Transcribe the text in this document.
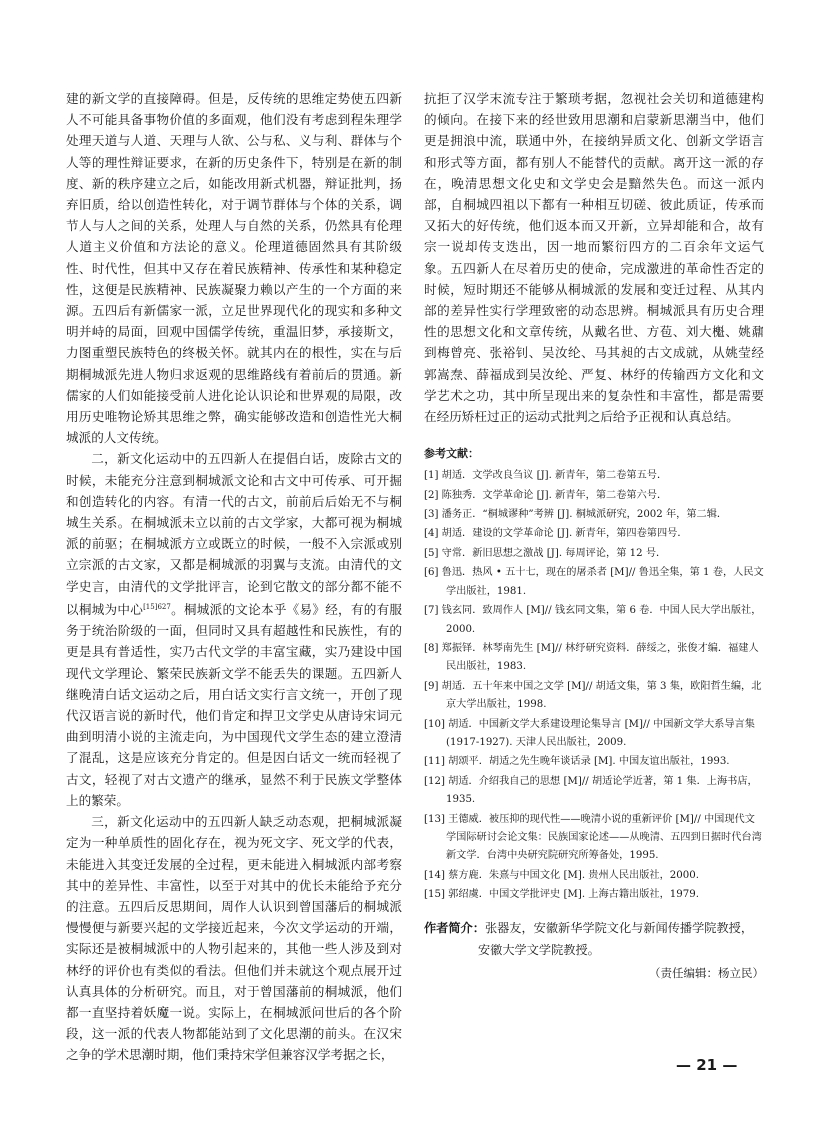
建的新文学的直接障碍。但是，反传统的思维定势使五四新人不可能具备事物价值的多面观，他们没有考虑到程朱理学处理天道与人道、天理与人欲、公与私、义与利、群体与个人等的理性辩证要求，在新的历史条件下，特别是在新的制度、新的秩序建立之后，如能改用新式机器，辩证批判，扬弃旧质，给以创造性转化，对于调节群体与个体的关系，调节人与人之间的关系，处理人与自然的关系，仍然具有伦理人道主义价值和方法论的意义。伦理道德固然具有其阶级性、时代性，但其中又存在着民族精神、传承性和某种稳定性，这便是民族精神、民族凝聚力赖以产生的一个方面的来源。五四后有新儒家一派，立足世界现代化的现实和多种文明并峙的局面，回观中国儒学传统，重温旧梦，承接斯文，力图重塑民族特色的终极关怀。就其内在的根性，实在与后期桐城派先进人物归求返观的思维路线有着前后的贯通。新儒家的人们如能接受前人进化论认识论和世界观的局限，改用历史唯物论矫其思维之弊，确实能够改造和创造性光大桐城派的人文传统。

二，新文化运动中的五四新人在提倡白话，废除古文的时候，未能充分注意到桐城派文论和古文中可传承、可开掘和创造转化的内容。有清一代的古文，前前后后始无不与桐城生关系。在桐城派未立以前的古文学家，大都可视为桐城派的前驱；在桐城派方立或既立的时候，一般不入宗派或别立宗派的古文家，又都是桐城派的羽翼与支流。由清代的文学史言，由清代的文学批评言，论到它散文的部分都不能不以桐城为中心$^{[15]627}$。桐城派的文论本乎《易》经，有的有服务于统治阶级的一面，但同时又具有超越性和民族性，有的更是具有普适性，实乃古代文学的丰富宝藏，实乃建设中国现代文学理论、繁荣民族新文学不能丢失的课题。五四新人继晚清白话文运动之后，用白话文实行言文统一，开创了现代汉语言说的新时代，他们肯定和捍卫文学史从唐诗宋词元曲到明清小说的主流走向，为中国现代文学生态的建立澄清了混乱，这是应该充分肯定的。但是因白话文一统而轻视了古文，轻视了对古文遗产的继承，显然不利于民族文学整体上的繁荣。

三，新文化运动中的五四新人缺乏动态观，把桐城派凝定为一种单质性的固化存在，视为死文字、死文学的代表，未能进入其变迁发展的全过程，更未能进入桐城派内部考察其中的差异性、丰富性，以至于对其中的优长未能给予充分的注意。五四后反思期间，周作人认识到曾国藩后的桐城派慢慢便与新要兴起的文学接近起来，今次文学运动的开端，实际还是被桐城派中的人物引起来的，其他一些人涉及到对林纾的评价也有类似的看法。但他们并未就这个观点展开过认真具体的分析研究。而且，对于曾国藩前的桐城派，他们都一直坚持着妖魔一说。实际上，在桐城派问世后的各个阶段，这一派的代表人物都能站到了文化思潮的前头。在汉宋之争的学术思潮时期，他们秉持宋学但兼容汉学考据之长，

抗拒了汉学末流专注于繁琐考据，忽视社会关切和道德建构的倾向。在接下来的经世致用思潮和启蒙新思潮当中，他们更是拥浪中流，联通中外，在接纳异质文化、创新文学语言和形式等方面，都有别人不能替代的贡献。离开这一派的存在，晚清思想文化史和文学史会是黯然失色。而这一派内部，自桐城四祖以下都有一种相互切磋、彼此质证，传承而又拓大的好传统，他们返本而又开新，立异却能和合，故有宗一说却传支迭出，因一地而繁衍四方的二百余年文运气象。五四新人在尽着历史的使命，完成激进的革命性否定的时候，短时期还不能够从桐城派的发展和变迁过程、从其内部的差异性实行学理致密的动态思辨。桐城派具有历史合理性的思想文化和文章传统，从戴名世、方苞、刘大櫆、姚鼐到梅曾亮、张裕钊、吴汝纶、马其昶的古文成就，从姚莹经郭嵩焘、薛福成到吴汝纶、严复、林纾的传输西方文化和文学艺术之功，其中所呈现出来的复杂性和丰富性，都是需要在经历矫枉过正的运动式批判之后给予正视和认真总结。

参考文献：
[1] 胡适．文学改良刍议 [J]. 新青年，第二卷第五号．
[2] 陈独秀．文学革命论 [J]. 新青年，第二卷第六号．
[3] 潘务正．“桐城谬种”考辨 [J]. 桐城派研究，2002 年，第二辑．
[4] 胡适．建设的文学革命论 [J]. 新青年，第四卷第四号．
[5] 守常．新旧思想之激战 [J]. 每周评论，第 12 号．
[6] 鲁迅．热风 • 五十七，现在的屠杀者 [M]// 鲁迅全集，第 1 卷，人民文学出版社，1981.
[7] 钱玄同．致周作人 [M]// 钱玄同文集，第 6 卷．中国人民大学出版社，2000.
[8] 郑振铎．林琴南先生 [M]// 林纾研究资料．薛绥之，张俊才编．福建人民出版社，1983.
[9] 胡适．五十年来中国之文学 [M]// 胡适文集，第 3 集，欧阳哲生编，北京大学出版社，1998.
[10] 胡适．中国新文学大系建设理论集导言 [M]// 中国新文学大系导言集 (1917-1927). 天津人民出版社，2009.
[11] 胡颂平．胡适之先生晚年谈话录 [M]. 中国友谊出版社，1993.
[12] 胡适．介绍我自己的思想 [M]// 胡适论学近著，第 1 集．上海书店，1935.
[13] 王德威．被压抑的现代性——晚清小说的重新评价 [M]// 中国现代文学国际研讨会论文集：民族国家论述——从晚清、五四到日据时代台湾新文学．台湾中央研究院研究所筹备处，1995.
[14] 蔡方鹿．朱熹与中国文化 [M]. 贵州人民出版社，2000.
[15] 郭绍虞．中国文学批评史 [M]. 上海古籍出版社，1979.
作者简介：张器友，安徽新华学院文化与新闻传播学院教授，安徽大学文学院教授。
（责任编辑：杨立民）
— 21 —
